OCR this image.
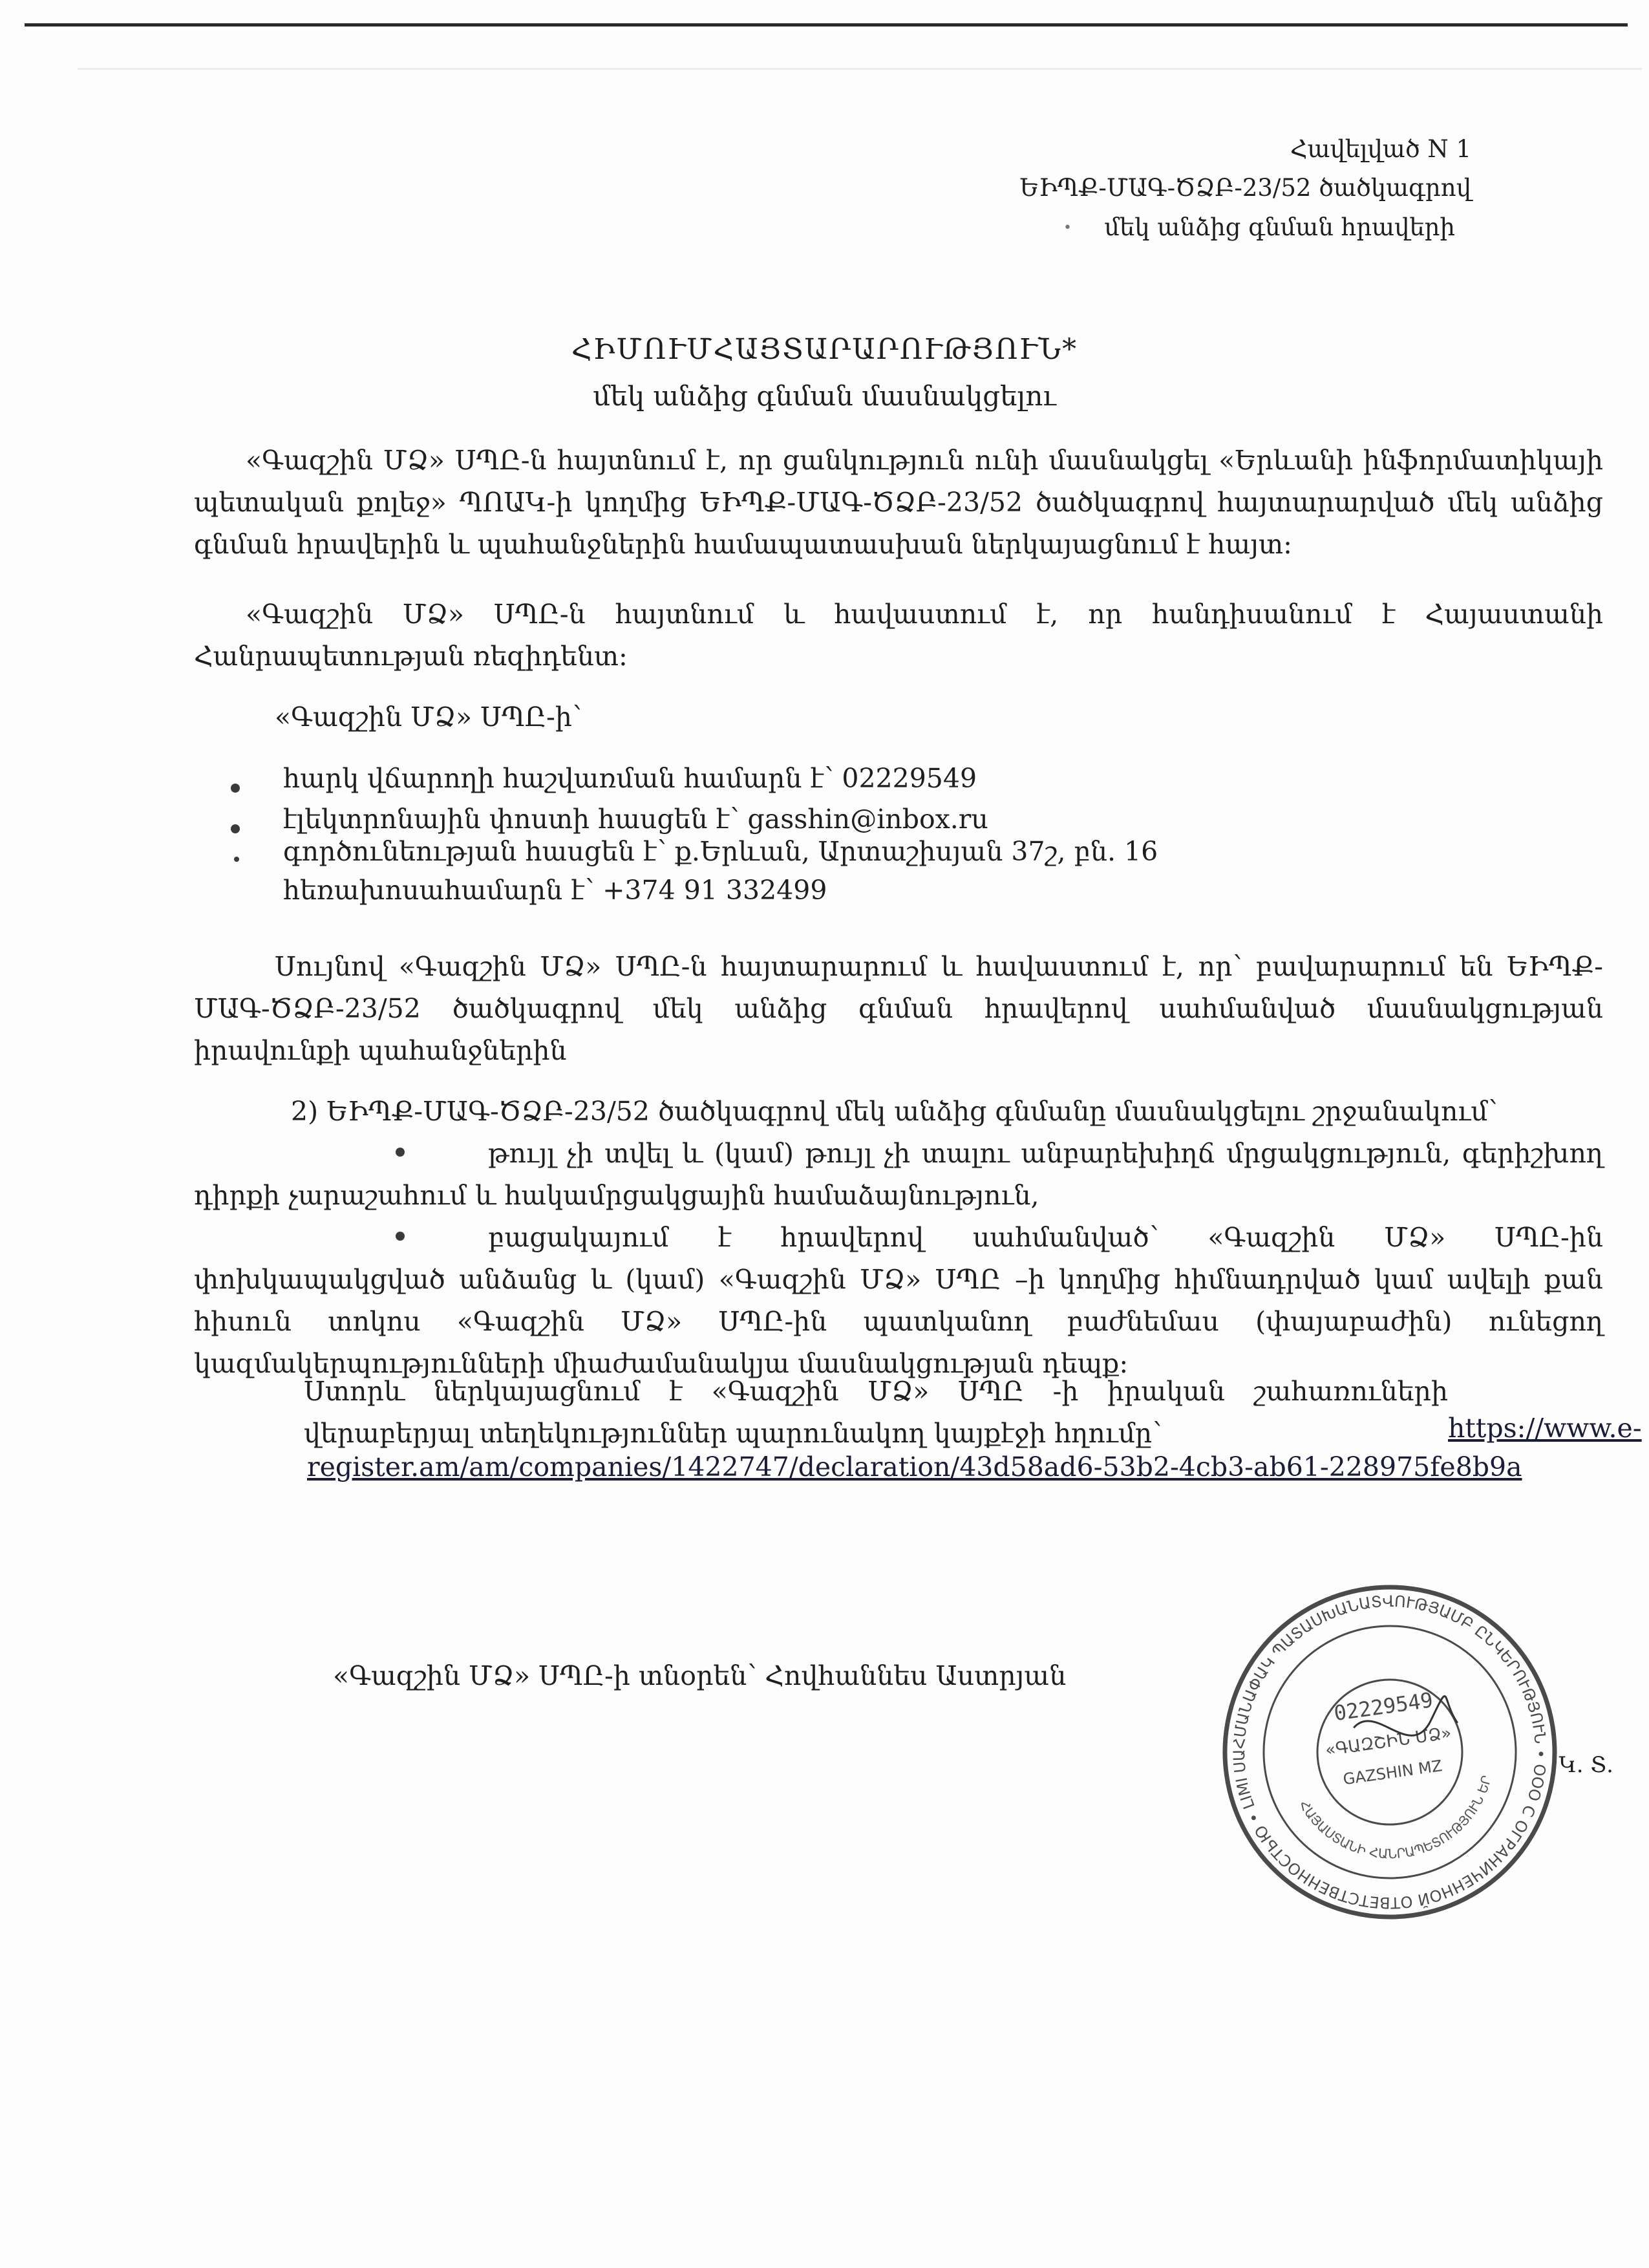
Հավելված N 1
ԵԻՊՔ-ՄԱԳ-ԾՁԲ-23/52 ծածկագրով
մեկ անձից գնման հրավերի
•
ՀԻՄՈՒՄՀԱՅՏԱՐԱՐՈՒԹՅՈՒՆ*
մեկ անձից գնման մասնակցելու
«Գազշին ՄՁ» ՍՊԸ-ն հայտնում է, որ ցանկություն ունի մասնակցել «Երևանի ինֆորմատիկայի պետական քոլեջ» ՊՈԱԿ-ի կողմից ԵԻՊՔ-ՄԱԳ-ԾՁԲ-23/52 ծածկագրով հայտարարված մեկ անձից գնման հրավերին և պահանջներին համապատասխան ներկայացնում է հայտ:
«Գազշին ՄՁ» ՍՊԸ-ն հայտնում և հավաստում է, որ հանդիսանում է Հայաստանի Հանրապետության ռեզիդենտ:
«Գազշին ՄՁ» ՍՊԸ-ի՝
հարկ վճարողի հաշվառման համարն է՝ 02229549
էլեկտրոնային փոստի հասցեն է՝ gasshin@inbox.ru
գործունեության հասցեն է՝ ք.Երևան, Արտաշիսյան 37շ, բն. 16
հեռախոսահամարն է՝ +374 91 332499
Սույնով «Գազշին ՄՁ» ՍՊԸ-ն հայտարարում և հավաստում է, որ՝ բավարարում են ԵԻՊՔ-ՄԱԳ-ԾՁԲ-23/52 ծածկագրով մեկ անձից գնման հրավերով սահմանված մասնակցության իրավունքի պահանջներին
2) ԵԻՊՔ-ՄԱԳ-ԾՁԲ-23/52 ծածկագրով մեկ անձից գնմանը մասնակցելու շրջանակում՝
թույլ չի տվել և (կամ) թույլ չի տալու անբարեխիղճ մրցակցություն, գերիշխող դիրքի չարաշահում և հակամրցակցային համաձայնություն,
բացակայում է հրավերով սահմանված՝ «Գազշին ՄՁ» ՍՊԸ-ին փոխկապակցված անձանց և (կամ) «Գազշին ՄՁ» ՍՊԸ –ի կողմից հիմնադրված կամ ավելի քան հիսուն տոկոս «Գազշին ՄՁ» ՍՊԸ-ին պատկանող բաժնեմաս (փայաբաժին) ունեցող կազմակերպությունների միաժամանակյա մասնակցության դեպք:
Ստորև ներկայացնում է «Գազշին ՄՁ» ՍՊԸ -ի իրական շահառուների վերաբերյալ տեղեկություններ պարունակող կայքէջի հղումը՝	https://www.e-
register.am/am/companies/1422747/declaration/43d58ad6-53b2-4cb3-ab61-228975fe8b9a
«Գազշին ՄՁ» ՍՊԸ-ի տնօրեն՝ Հովհաննես Աստրյան
ՍԱՀՄԱՆԱՓԱԿ ՊԱՏԱՍԽԱՆԱՏՎՈՒԹՅԱՄԲ ԸՆԿԵՐՈՒԹՅՈՒՆ • ООО С ОГРАНИЧЕННОЙ ОТВЕТСТВЕННОСТЬЮ • LIMITED
ՀԱՅԱՍՏԱՆԻ ՀԱՆՐԱՊԵՏՈՒԹՅՈՒՆ ԵՐԵՎԱՆ
02229549
«ԳԱԶՇԻՆ ՄՁ»
GAZSHIN MZ	Կ. Տ.
